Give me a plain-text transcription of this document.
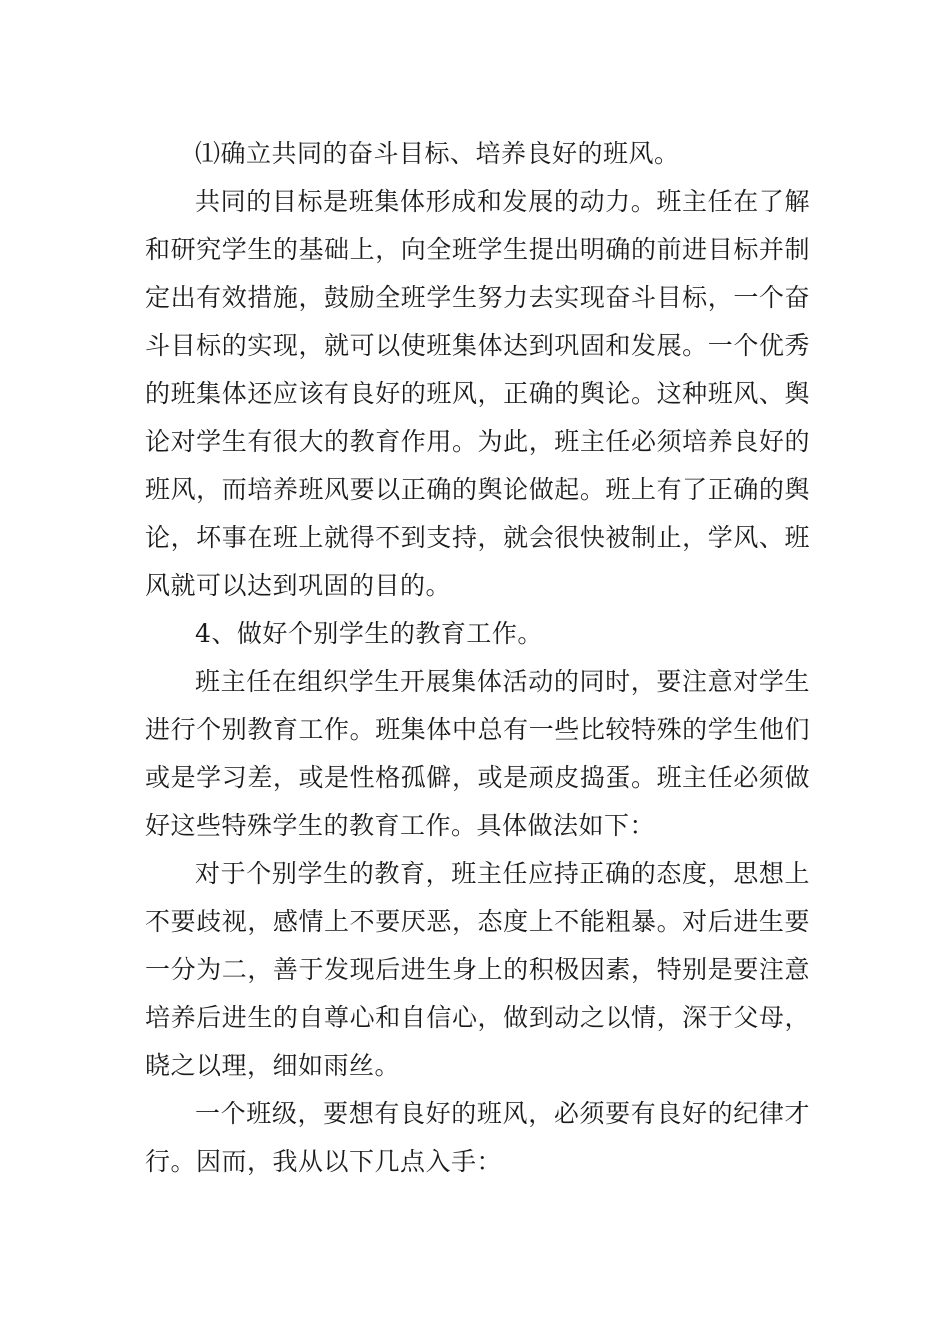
⑴确立共同的奋斗目标、培养良好的班风。

共同的目标是班集体形成和发展的动力。班主任在了解和研究学生的基础上，向全班学生提出明确的前进目标并制定出有效措施，鼓励全班学生努力去实现奋斗目标，一个奋斗目标的实现，就可以使班集体达到巩固和发展。一个优秀的班集体还应该有良好的班风，正确的舆论。这种班风、舆论对学生有很大的教育作用。为此，班主任必须培养良好的班风，而培养班风要以正确的舆论做起。班上有了正确的舆论，坏事在班上就得不到支持，就会很快被制止，学风、班风就可以达到巩固的目的。

4、做好个别学生的教育工作。

班主任在组织学生开展集体活动的同时，要注意对学生进行个别教育工作。班集体中总有一些比较特殊的学生他们或是学习差，或是性格孤僻，或是顽皮捣蛋。班主任必须做好这些特殊学生的教育工作。具体做法如下：

对于个别学生的教育，班主任应持正确的态度，思想上不要歧视，感情上不要厌恶，态度上不能粗暴。对后进生要一分为二，善于发现后进生身上的积极因素，特别是要注意培养后进生的自尊心和自信心，做到动之以情，深于父母，晓之以理，细如雨丝。

一个班级，要想有良好的班风，必须要有良好的纪律才行。因而，我从以下几点入手：
